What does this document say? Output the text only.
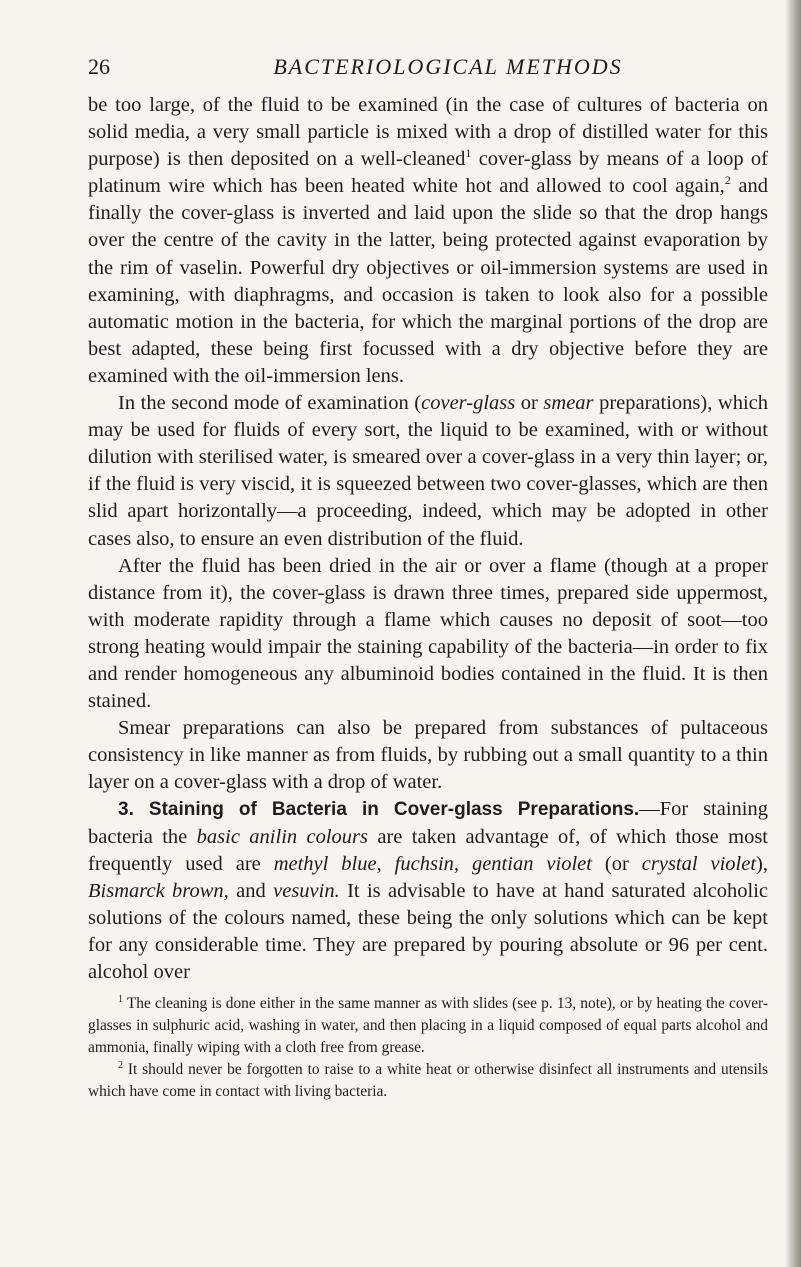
26	BACTERIOLOGICAL METHODS

be too large, of the fluid to be examined (in the case of cultures of bacteria on solid media, a very small particle is mixed with a drop of distilled water for this purpose) is then deposited on a well-cleaned$^1$ cover-glass by means of a loop of platinum wire which has been heated white hot and allowed to cool again,$^2$ and finally the cover-glass is inverted and laid upon the slide so that the drop hangs over the centre of the cavity in the latter, being protected against evaporation by the rim of vaselin. Powerful dry objectives or oil-immersion systems are used in examining, with diaphragms, and occasion is taken to look also for a possible automatic motion in the bacteria, for which the marginal portions of the drop are best adapted, these being first focussed with a dry objective before they are examined with the oil-immersion lens.

In the second mode of examination (cover-glass or smear preparations), which may be used for fluids of every sort, the liquid to be examined, with or without dilution with sterilised water, is smeared over a cover-glass in a very thin layer; or, if the fluid is very viscid, it is squeezed between two cover-glasses, which are then slid apart horizontally—a proceeding, indeed, which may be adopted in other cases also, to ensure an even distribution of the fluid.

After the fluid has been dried in the air or over a flame (though at a proper distance from it), the cover-glass is drawn three times, prepared side uppermost, with moderate rapidity through a flame which causes no deposit of soot—too strong heating would impair the staining capability of the bacteria—in order to fix and render homogeneous any albuminoid bodies contained in the fluid. It is then stained.

Smear preparations can also be prepared from substances of pultaceous consistency in like manner as from fluids, by rubbing out a small quantity to a thin layer on a cover-glass with a drop of water.

3. Staining of Bacteria in Cover-glass Preparations.—For staining bacteria the basic anilin colours are taken advantage of, of which those most frequently used are methyl blue, fuchsin, gentian violet (or crystal violet), Bismarck brown, and vesuvin. It is advisable to have at hand saturated alcoholic solutions of the colours named, these being the only solutions which can be kept for any considerable time. They are prepared by pouring absolute or 96 per cent. alcohol over

$^1$ The cleaning is done either in the same manner as with slides (see p. 13, note), or by heating the cover-glasses in sulphuric acid, washing in water, and then placing in a liquid composed of equal parts alcohol and ammonia, finally wiping with a cloth free from grease.

$^2$ It should never be forgotten to raise to a white heat or otherwise disinfect all instruments and utensils which have come in contact with living bacteria.
